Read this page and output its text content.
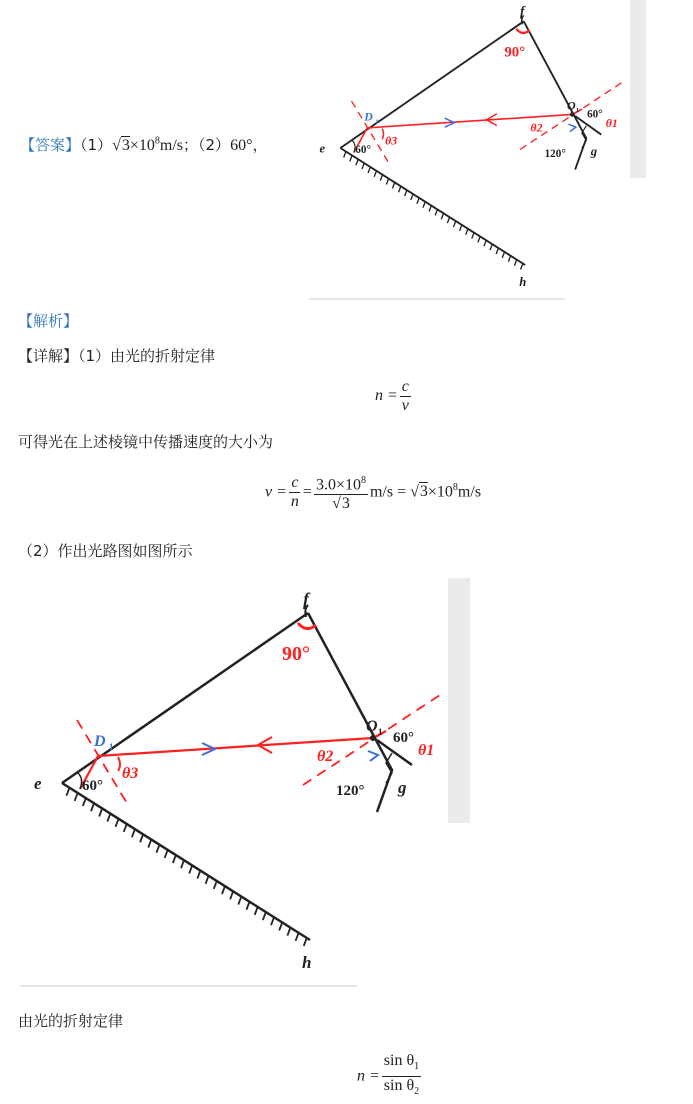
【答案】$(1)√3\times 10^8m/s$；（2）60°，
f
90°
D 1
θ3
60°
e
O 1 60°
θ1
θ2
120° g
h
【解析】
【详解】（1）由光的折射定律
$n = \frac{c}{v}$
可得光在上述棱镜中传播速度的大小为
$v = \frac{c}{n} = \frac{3.0\times 10^8}{√3} m/s = √3\times 10^8m/s$
（2）作出光路图如图所示
f
90°
D 1
θ3
60°
e
O 1 60°
θ1
θ2
120° g
h
由光的折射定律
$n = \frac{\sin \theta_1}{\sin \theta_2}$
